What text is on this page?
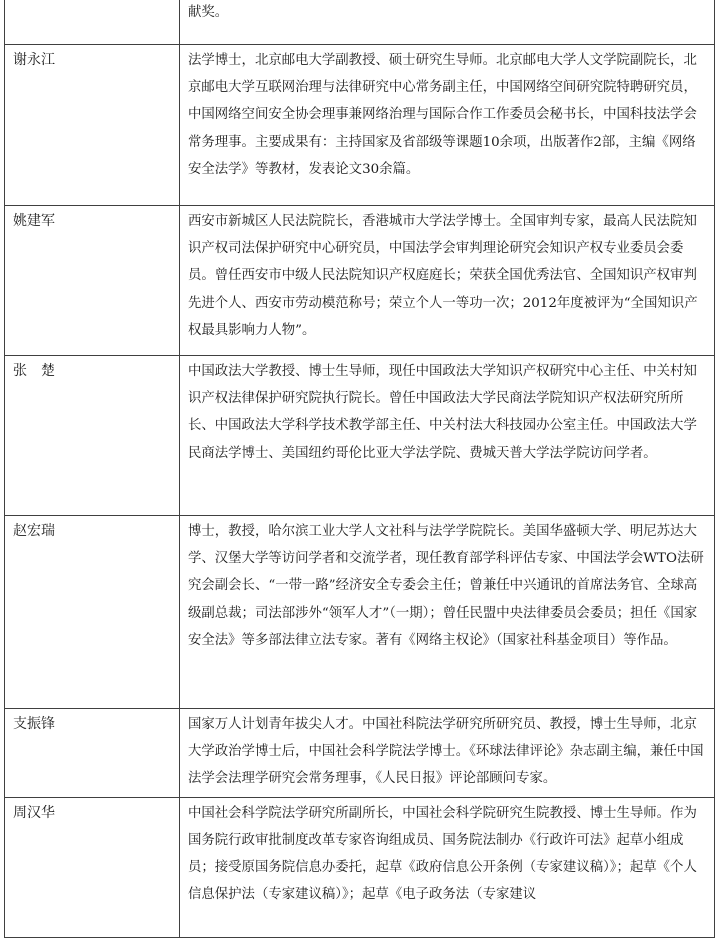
	献奖。
谢永江	法学博士，北京邮电大学副教授、硕士研究生导师。北京邮电大学人文学院副院长，北京邮电大学互联网治理与法律研究中心常务副主任，中国网络空间研究院特聘研究员，中国网络空间安全协会理事兼网络治理与国际合作工作委员会秘书长，中国科技法学会常务理事。主要成果有：主持国家及省部级等课题10余项，出版著作2部，主编《网络安全法学》等教材，发表论文30余篇。
姚建军	西安市新城区人民法院院长，香港城市大学法学博士。全国审判专家，最高人民法院知识产权司法保护研究中心研究员，中国法学会审判理论研究会知识产权专业委员会委员。曾任西安市中级人民法院知识产权庭庭长；荣获全国优秀法官、全国知识产权审判先进个人、西安市劳动模范称号；荣立个人一等功一次；2012年度被评为“全国知识产权最具影响力人物”。
张　楚	中国政法大学教授、博士生导师，现任中国政法大学知识产权研究中心主任、中关村知识产权法律保护研究院执行院长。曾任中国政法大学民商法学院知识产权法研究所所长、中国政法大学科学技术教学部主任、中关村法大科技园办公室主任。中国政法大学民商法学博士、美国纽约哥伦比亚大学法学院、费城天普大学法学院访问学者。
赵宏瑞	博士，教授，哈尔滨工业大学人文社科与法学学院院长。美国华盛顿大学、明尼苏达大学、汉堡大学等访问学者和交流学者，现任教育部学科评估专家、中国法学会WTO法研究会副会长、“一带一路”经济安全专委会主任；曾兼任中兴通讯的首席法务官、全球高级副总裁；司法部涉外“领军人才”（一期）；曾任民盟中央法律委员会委员；担任《国家安全法》等多部法律立法专家。著有《网络主权论》（国家社科基金项目）等作品。
支振锋	国家万人计划青年拔尖人才。中国社科院法学研究所研究员、教授，博士生导师，北京大学政治学博士后，中国社会科学院法学博士。《环球法律评论》杂志副主编，兼任中国法学会法理学研究会常务理事，《人民日报》评论部顾问专家。
周汉华	中国社会科学院法学研究所副所长，中国社会科学院研究生院教授、博士生导师。作为国务院行政审批制度改革专家咨询组成员、国务院法制办《行政许可法》起草小组成员；接受原国务院信息办委托，起草《政府信息公开条例（专家建议稿）》；起草《个人信息保护法（专家建议稿）》；起草《电子政务法（专家建议
